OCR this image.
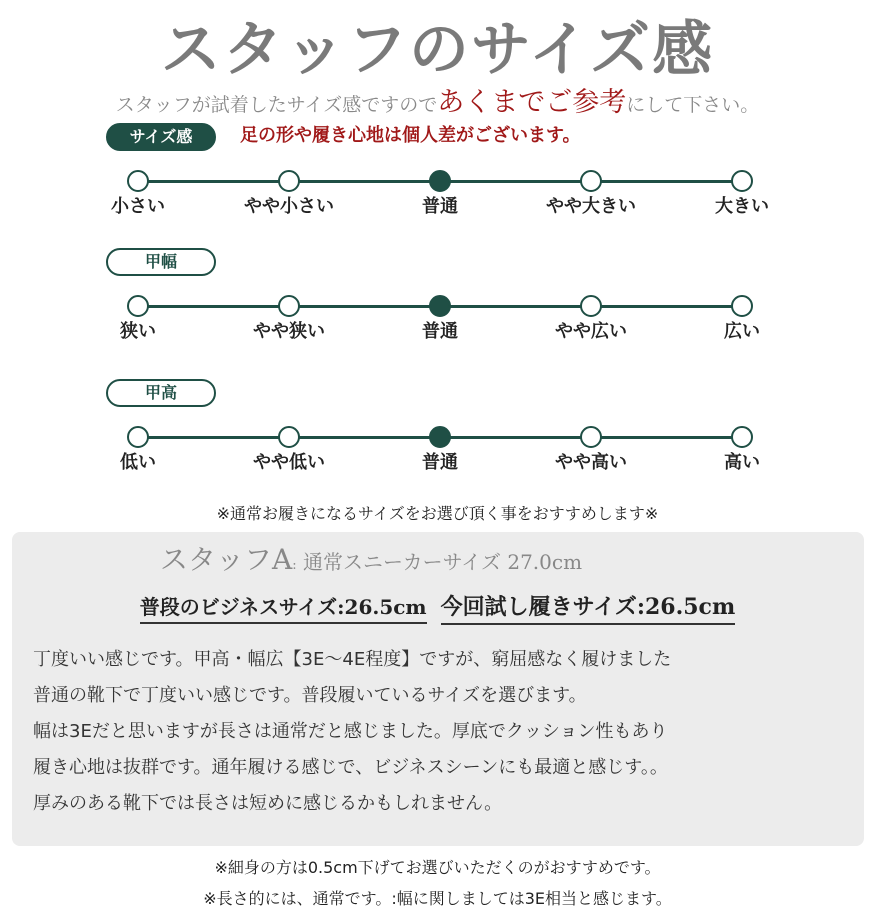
スタッフのサイズ感
スタッフが試着したサイズ感ですのであくまでご参考にして下さい。
足の形や履き心地は個人差がございます。
サイズ感
小さい	やや小さい	普通	やや大きい	大きい
甲幅
狭い	やや狭い	普通	やや広い	広い
甲高
低い	やや低い	普通	やや高い	高い
※通常お履きになるサイズをお選び頂く事をおすすめします※
スタッフA: 通常スニーカーサイズ 27.0cm
普段のビジネスサイズ:26.5cm 今回試し履きサイズ:26.5cm
丁度いい感じです。甲高・幅広【3E〜4E程度】ですが、窮屈感なく履けました
普通の靴下で丁度いい感じです。普段履いているサイズを選びます。
幅は3Eだと思いますが長さは通常だと感じました。厚底でクッション性もあり
履き心地は抜群です。通年履ける感じで、ビジネスシーンにも最適と感じす。。
厚みのある靴下では長さは短めに感じるかもしれません。
※細身の方は0.5cm下げてお選びいただくのがおすすめです。
※長さ的には、通常です。:幅に関しましては3E相当と感じます。
